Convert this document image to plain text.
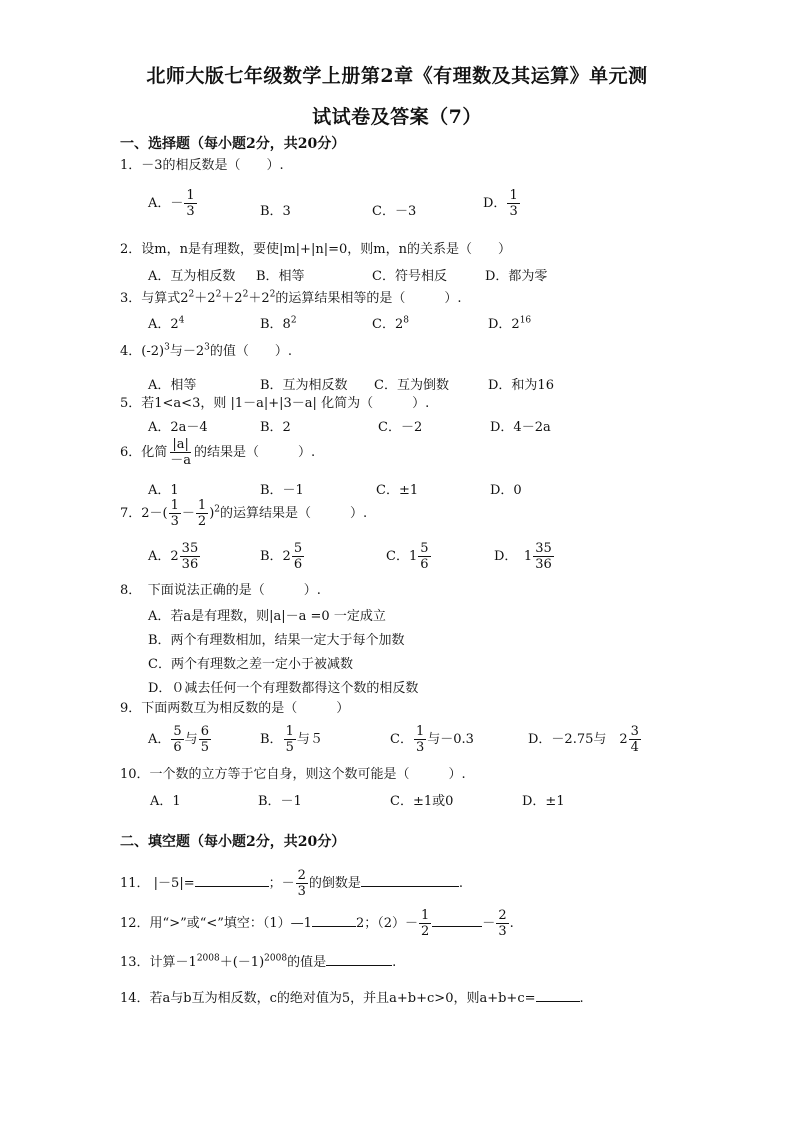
北师大版七年级数学上册第2章《有理数及其运算》单元测
试试卷及答案（7）
一、选择题（每小题2分，共20分）
1．－3的相反数是（　　）.
A．－ $\frac{1}{3}$	B．3	C．－3
D． $\frac{1}{3}$
2．设m，n是有理数，要使|m|+|n|=0，则m，n的关系是（　　）
A．互为相反数 B．相等	C．符号相反	D．都为零
3．与算式$2^2+2^2+2^2+2^2$的运算结果相等的是（　　　）.
A．$2^4$	B．$8^2$	C．$2^8$	D．$2^{16}$
4．$(-2)^3$与$-2^3$的值（　　）.
A．相等	B．互为相反数 C．互为倒数	D．和为16
5．若1<a<3，则 |1－a|+|3－a| 化简为（　　　）.
A．2a－4	B．2	C．－2	D．4－2a
6．化简 $\frac{|a|}{-a}$ 的结果是（　　　）.
A．1	B．－1	C．±1	D．0
7．$2-( \frac{1}{3} - \frac{1}{2} )^2$的运算结果是（　　　）.
A．$2 \frac{35}{36}$	B．$2 \frac{5}{6}$	C．$1 \frac{5}{6}$	D．　$1 \frac{35}{36}$
8．　下面说法正确的是（　　　）.
A．若a是有理数，则|a|－a =0 一定成立
B．两个有理数相加，结果一定大于每个加数
C．两个有理数之差一定小于被减数
D．０减去任何一个有理数都得这个数的相反数
9．下面两数互为相反数的是（　　　）
A． $\frac{5}{6}$ 与 $\frac{6}{5}$	B． $\frac{1}{5}$ 与５	C． $\frac{1}{3}$ 与－0.3	D．－2.75与　$2 \frac{3}{4}$
10．一个数的立方等于它自身，则这个数可能是（　　　）.
A．1	B．－1	C．±1或0	D．±1
二、填空题（每小题2分，共20分）
11． |－5|=	；－ $\frac{2}{3}$ 的倒数是	.
12．用“>”或“<”填空：（1）—1	2；$(2)- \frac{1}{2}$	－ $\frac{2}{3}$ .
13．计算$-1^{2008}+(-1)^{2008}$的值是	.
14．若a与b互为相反数，c的绝对值为5，并且a+b+c>0，则a+b+c=	.
